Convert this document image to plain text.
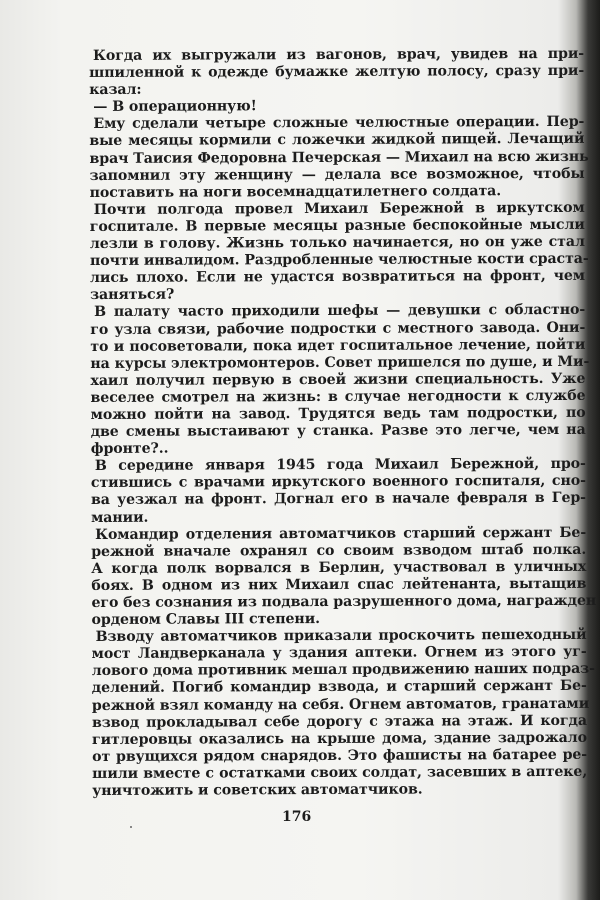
Когда их выгружали из вагонов, врач, увидев на при-
шпиленной к одежде бумажке желтую полосу, сразу при-
казал:
— В операционную!
Ему сделали четыре сложные челюстные операции. Пер-
вые месяцы кормили с ложечки жидкой пищей. Лечащий
врач Таисия Федоровна Печерская — Михаил на всю жизнь
запомнил эту женщину — делала все возможное, чтобы
поставить на ноги восемнадцатилетнего солдата.
Почти полгода провел Михаил Бережной в иркутском
госпитале. В первые месяцы разные беспокойные мысли
лезли в голову. Жизнь только начинается, но он уже стал
почти инвалидом. Раздробленные челюстные кости сраста-
лись плохо. Если не удастся возвратиться на фронт, чем
заняться?
В палату часто приходили шефы — девушки с областно-
го узла связи, рабочие подростки с местного завода. Они-
то и посоветовали, пока идет госпитальное лечение, пойти
на курсы электромонтеров. Совет пришелся по душе, и Ми-
хаил получил первую в своей жизни специальность. Уже
веселее смотрел на жизнь: в случае негодности к службе
можно пойти на завод. Трудятся ведь там подростки, по
две смены выстаивают у станка. Разве это легче, чем на
фронте?..
В середине января 1945 года Михаил Бережной, про-
стившись с врачами иркутского военного госпиталя, сно-
ва уезжал на фронт. Догнал его в начале февраля в Гер-
мании.
Командир отделения автоматчиков старший сержант Бе-
режной вначале охранял со своим взводом штаб полка.
А когда полк ворвался в Берлин, участвовал в уличных
боях. В одном из них Михаил спас лейтенанта, вытащив
его без сознания из подвала разрушенного дома, награжден
орденом Славы III степени.
Взводу автоматчиков приказали проскочить пешеходный
мост Ландверканала у здания аптеки. Огнем из этого уг-
лового дома противник мешал продвижению наших подраз-
делений. Погиб командир взвода, и старший сержант Бе-
режной взял команду на себя. Огнем автоматов, гранатами
взвод прокладывал себе дорогу с этажа на этаж. И когда
гитлеровцы оказались на крыше дома, здание задрожало
от рвущихся рядом снарядов. Это фашисты на батарее ре-
шили вместе с остатками своих солдат, засевших в аптеке,
уничтожить и советских автоматчиков.
176
